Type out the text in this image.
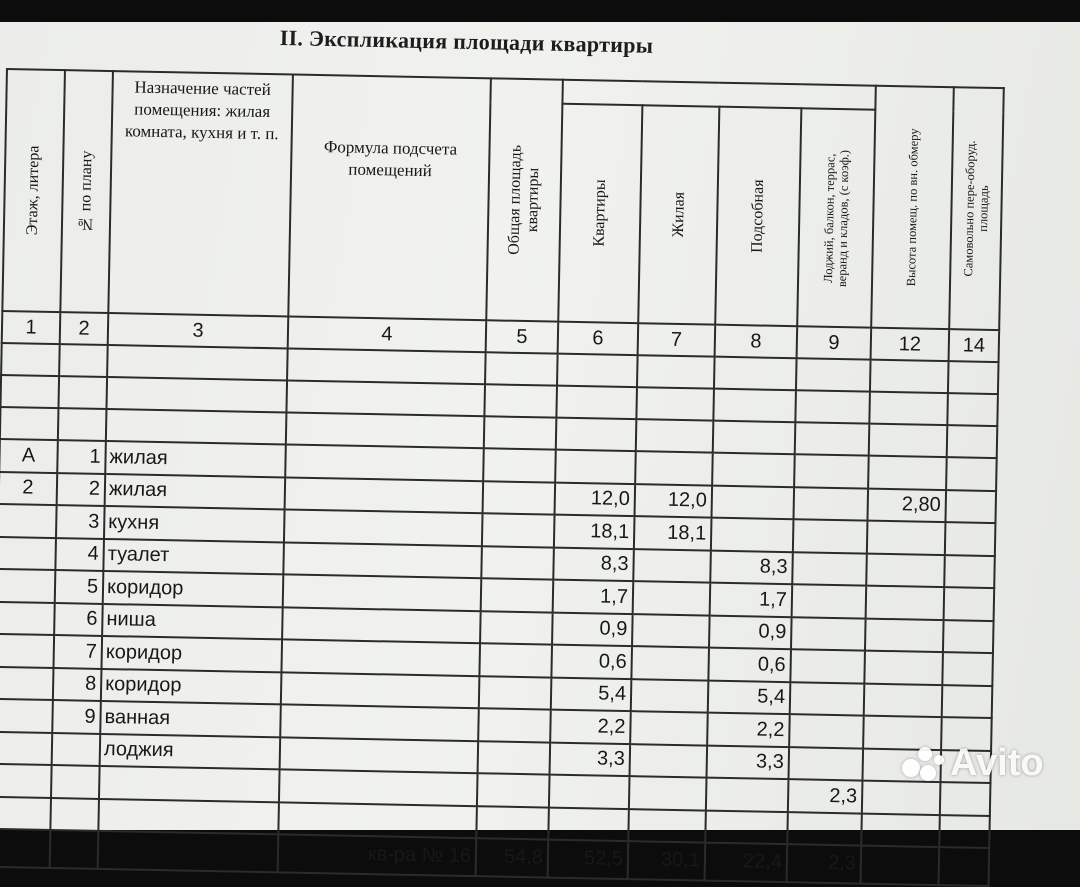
II. Экспликация площади квартиры
Этаж, литера	№ по плану	Назначение частей помещения: жилая комната, кухня и т. п.	Формула подсчета помещений	Общая площадь квартиры					Высота помещ. по вн. обмеру	Самовольно пере-оборуд. площадь

					Квартиры	Жилая	Подсобная	Лоджий, балкон, террас, веранд и кладов, (с коэф.)		

1	2	3	4	5	6	7	8	9	12	14

А	1	жилая								
2	2	жилая			12,0	12,0			2,80	
	3	кухня			18,1	18,1				
	4	туалет			8,3		8,3			
	5	коридор			1,7		1,7			
	6	ниша			0,9		0,9			
	7	коридор			0,6		0,6			
	8	коридор			5,4		5,4			
	9	ванная			2,2		2,2			
		лоджия			3,3		3,3			
								2,3		

			кв-ра № 16	54,8	52,5	30,1	22,4	2,3		
Avito
